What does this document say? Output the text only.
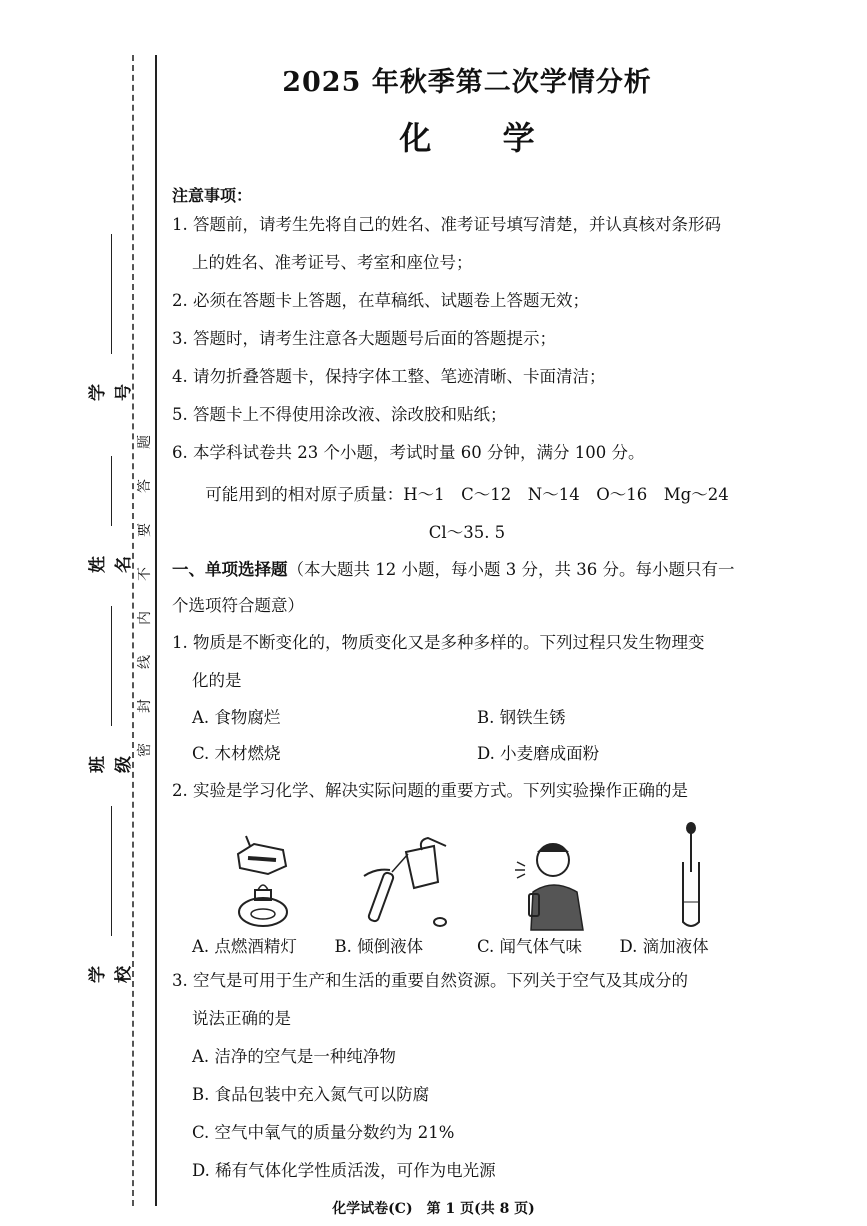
学 号
姓 名
班 级
学 校
题
答
要
不
内
线
封
密
2025 年秋季第二次学情分析
化 学
注意事项：
1. 答题前，请考生先将自己的姓名、准考证号填写清楚，并认真核对条形码
上的姓名、准考证号、考室和座位号；
2. 必须在答题卡上答题，在草稿纸、试题卷上答题无效；
3. 答题时，请考生注意各大题题号后面的答题提示；
4. 请勿折叠答题卡，保持字体工整、笔迹清晰、卡面清洁；
5. 答题卡上不得使用涂改液、涂改胶和贴纸；
6. 本学科试卷共 23 个小题，考试时量 60 分钟，满分 100 分。
可能用到的相对原子质量：H～1　C～12　N～14　O～16　Mg～24
Cl～35. 5
一、单项选择题（本大题共 12 小题，每小题 3 分，共 36 分。每小题只有一
个选项符合题意）
1. 物质是不断变化的，物质变化又是多种多样的。下列过程只发生物理变
化的是
A. 食物腐烂	B. 钢铁生锈
C. 木材燃烧	D. 小麦磨成面粉
2. 实验是学习化学、解决实际问题的重要方式。下列实验操作正确的是
A. 点燃酒精灯	B. 倾倒液体	C. 闻气体气味	D. 滴加液体
3. 空气是可用于生产和生活的重要自然资源。下列关于空气及其成分的
说法正确的是
A. 洁净的空气是一种纯净物
B. 食品包装中充入氮气可以防腐
C. 空气中氧气的质量分数约为 21%
D. 稀有气体化学性质活泼，可作为电光源
化学试卷(C)　第 1 页(共 8 页)
